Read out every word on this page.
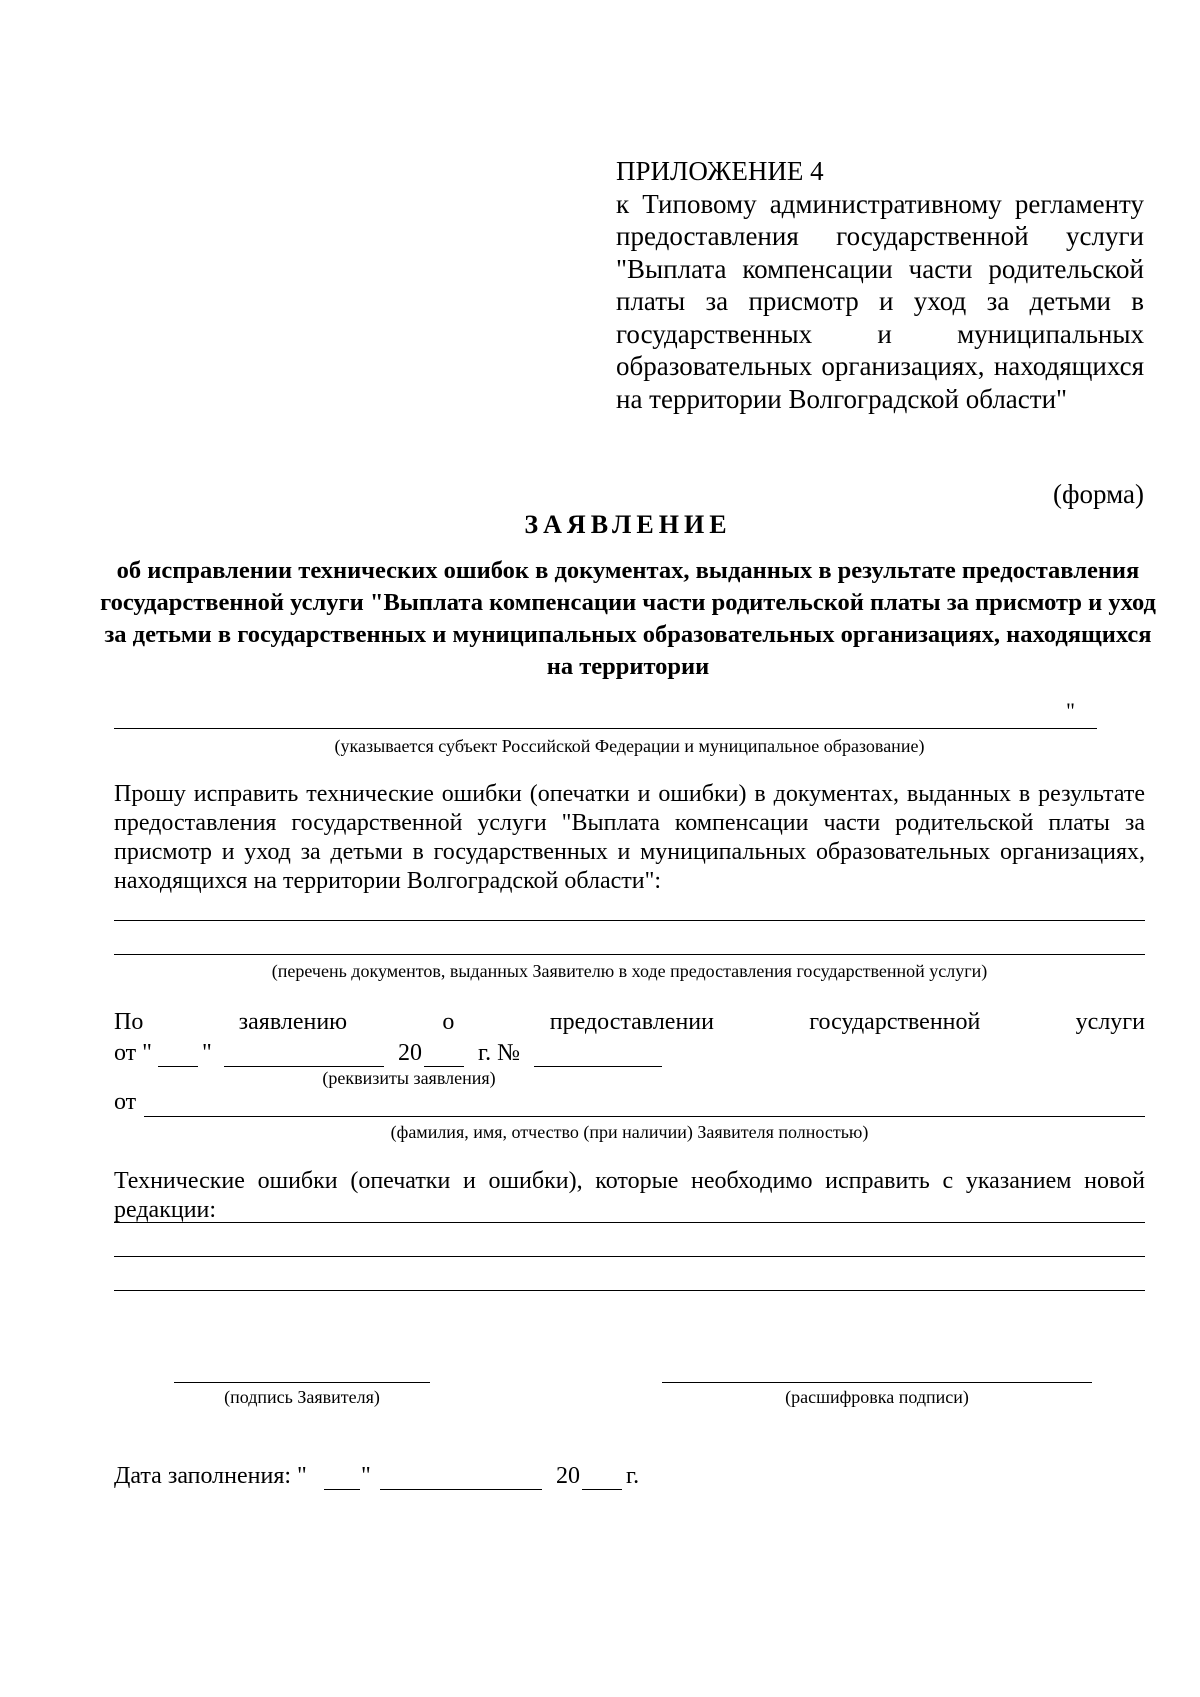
ПРИЛОЖЕНИЕ 4
к Типовому административному регламенту предоставления государственной услуги "Выплата компенсации части родительской платы за присмотр и уход за детьми в государственных и муниципальных образовательных организациях, находящихся на территории Волгоградской области"
(форма)
ЗАЯВЛЕНИЕ
об исправлении технических ошибок в документах, выданных в результате предоставления государственной услуги "Выплата компенсации части родительской платы за присмотр и уход за детьми в государственных и муниципальных образовательных организациях, находящихся на территории
"
(указывается субъект Российской Федерации и муниципальное образование)
Прошу исправить технические ошибки (опечатки и ошибки) в документах, выданных в результате предоставления государственной услуги "Выплата компенсации части родительской платы за присмотр и уход за детьми в государственных и муниципальных образовательных организациях, находящихся на территории Волгоградской области":
(перечень документов, выданных Заявителю в ходе предоставления государственной услуги)
По заявлению о предоставлении государственной услуги
от " "	20 г. №
(реквизиты заявления)
от
(фамилия, имя, отчество (при наличии) Заявителя полностью)
Технические ошибки (опечатки и ошибки), которые необходимо исправить с указанием новой редакции:
(подпись Заявителя)	(расшифровка подписи)
Дата заполнения: " "	20 г.
